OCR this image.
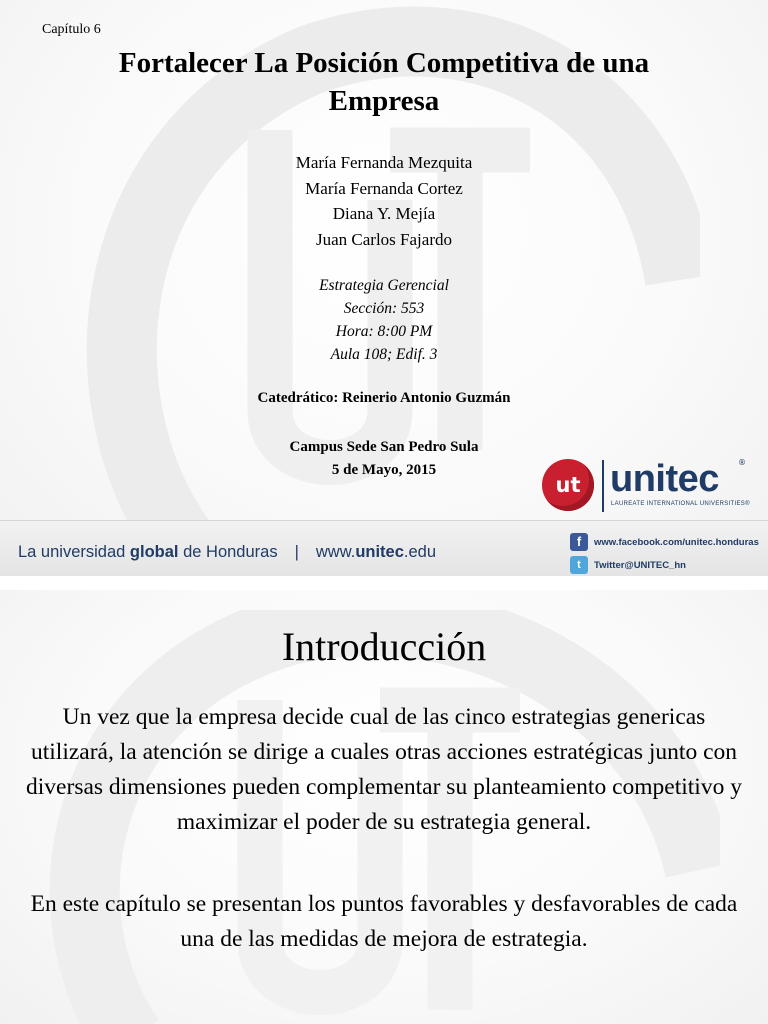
Capítulo 6
Fortalecer La Posición Competitiva de una
Empresa
María Fernanda Mezquita
María Fernanda Cortez
Diana Y. Mejía
Juan Carlos Fajardo
Estrategia Gerencial
Sección: 553
Hora: 8:00 PM
Aula 108; Edif. 3
Catedrático: Reinerio Antonio Guzmán
Campus Sede San Pedro Sula
5 de Mayo, 2015
ut unitec ®
LAUREATE INTERNATIONAL UNIVERSITIES®
La universidad global de Honduras | www.unitec.edu
f www.facebook.com/unitec.honduras
t Twitter@UNITEC_hn
Introducción

Un vez que la empresa decide cual de las cinco estrategias genericas utilizará, la atención se dirige a cuales otras acciones estratégicas junto con diversas dimensiones pueden complementar su planteamiento competitivo y maximizar el poder de su estrategia general.

En este capítulo se presentan los puntos favorables y desfavorables de cada una de las medidas de mejora de estrategia.
